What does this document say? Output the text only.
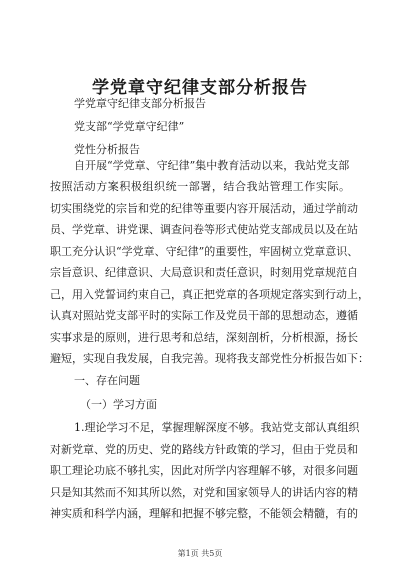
学党章守纪律支部分析报告
学党章守纪律支部分析报告
党支部“学党章守纪律”
党性分析报告
自开展“学党章、守纪律”集中教育活动以来，我站党支部
按照活动方案积极组织统一部署，结合我站管理工作实际。
切实围绕党的宗旨和党的纪律等重要内容开展活动，通过学前动
员、学党章、讲党课、调查问卷等形式使站党支部成员以及在站
职工充分认识“学党章、守纪律”的重要性，牢固树立党章意识、
宗旨意识、纪律意识、大局意识和责任意识，时刻用党章规范自
己，用入党誓词约束自己，真正把党章的各项规定落实到行动上，
认真对照站党支部平时的实际工作及党员干部的思想动态，遵循
实事求是的原则，进行思考和总结，深刻剖析，分析根源，扬长
避短，实现自我发展，自我完善。现将我支部党性分析报告如下：
一、存在问题
（一）学习方面
1.理论学习不足，掌握理解深度不够。我站党支部认真组织
对新党章、党的历史、党的路线方针政策的学习，但由于党员和
职工理论功底不够扎实，因此对所学内容理解不够，对很多问题
只是知其然而不知其所以然，对党和国家领导人的讲话内容的精
神实质和科学内涵，理解和把握不够完整，不能领会精髓，有的
第1页 共5页
